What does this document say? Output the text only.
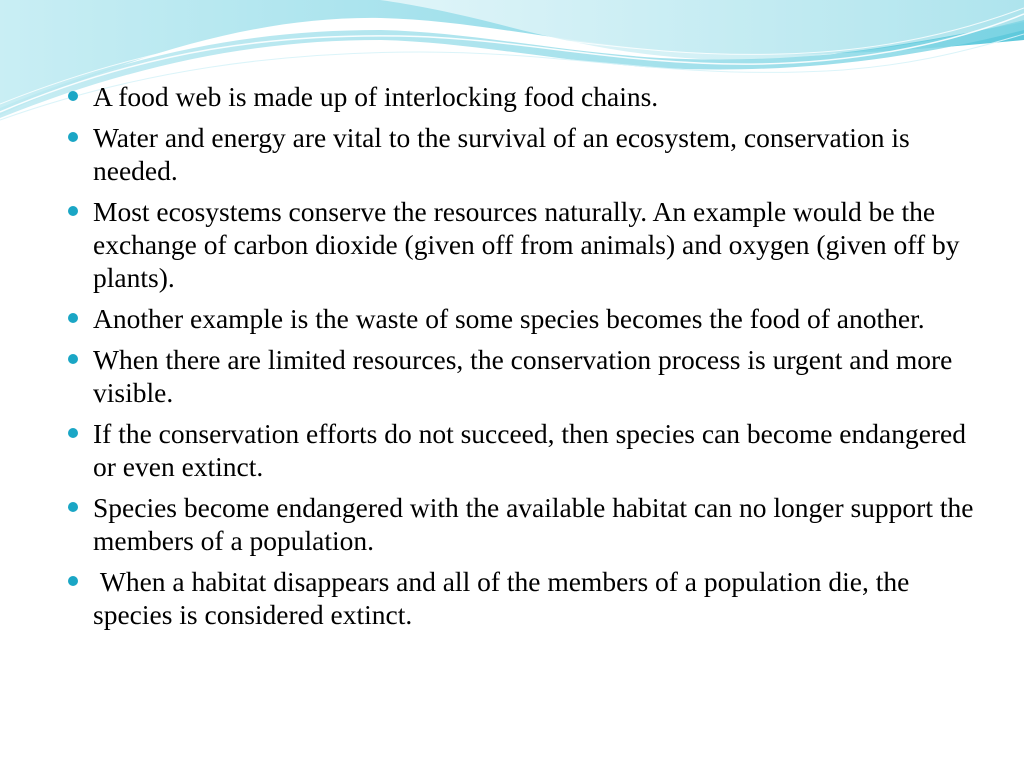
A food web is made up of interlocking food chains.
Water and energy are vital to the survival of an ecosystem, conservation is needed.
Most ecosystems conserve the resources naturally. An example would be the exchange of carbon dioxide (given off from animals) and oxygen (given off by plants).
Another example is the waste of some species becomes the food of another.
When there are limited resources, the conservation process is urgent and more visible.
If the conservation efforts do not succeed, then species can become endangered or even extinct.
Species become endangered with the available habitat can no longer support the members of a population.
When a habitat disappears and all of the members of a population die, the species is considered extinct.
